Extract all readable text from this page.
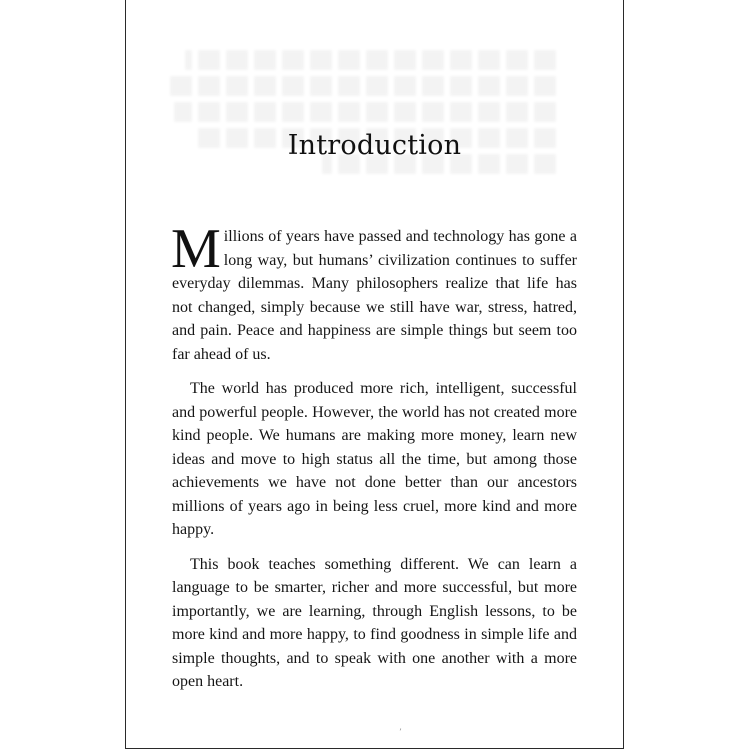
Introduction

Millions of years have passed and technology has gone a long way, but humans’ civilization continues to suffer everyday dilemmas. Many philosophers realize that life has not changed, simply because we still have war, stress, hatred, and pain. Peace and happiness are simple things but seem too far ahead of us.

The world has produced more rich, intelligent, successful and powerful people. However, the world has not created more kind people. We humans are making more money, learn new ideas and move to high status all the time, but among those achievements we have not done better than our ancestors millions of years ago in being less cruel, more kind and more happy.

This book teaches something different. We can learn a language to be smarter, richer and more successful, but more importantly, we are learning, through English lessons, to be more kind and more happy, to find goodness in simple life and simple thoughts, and to speak with one another with a more open heart.

ʼ
